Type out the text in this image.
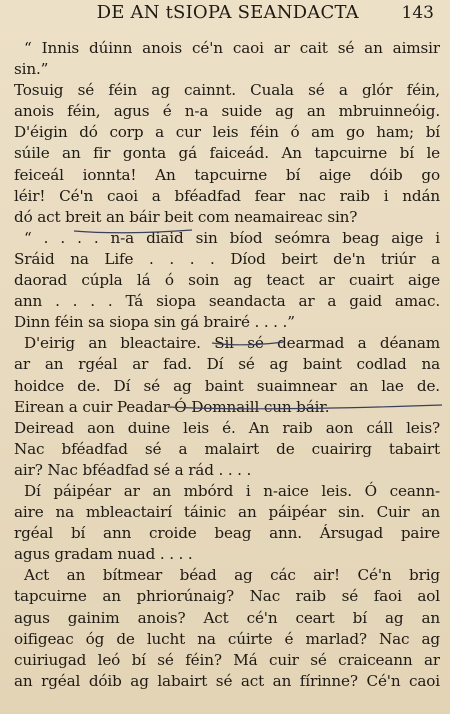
DE AN tSIOPA SEANDACTA	143
“ Innis dúinn anois cé'n caoi ar cait sé an aimsir
sin.”
Tosuig sé féin ag cainnt. Cuala sé a glór féin,
anois féin, agus é n-a suide ag an mbruinneóig.
D'éigin dó corp a cur leis féin ó am go ham; bí
súile an fir gonta gá faiceád. An tapcuirne bí le
feiceál ionnta! An tapcuirne bí aige dóib go
léir! Cé'n caoi a bféadfad fear nac raib i ndán
dó act breit an báir beit com neamaireac sin?
“ . . . . n-a diaid sin bíod seómra beag aige i
Sráid na Life . . . . Díod beirt de'n triúr a
daorad cúpla lá ó soin ag teact ar cuairt aige
ann . . . . Tá siopa seandacta ar a gaid amac.
Dinn féin sa siopa sin gá brairé . . . .”
D'eirig an bleactaire. Sil sé dearmad a déanam
ar an rgéal ar fad. Dí sé ag baint codlad na
hoidce de. Dí sé ag baint suaimnear an lae de.
Eirean a cuir Peadar Ó Domnaill cun báir.
Deiread aon duine leis é. An raib aon cáll leis?
Nac bféadfad sé a malairt de cuairirg tabairt
air? Nac bféadfad sé a rád . . . .
Dí páipéar ar an mbórd i n-aice leis. Ó ceann-
aire na mbleactairí táinic an páipéar sin. Cuir an
rgéal bí ann croide beag ann. Ársugad paire
agus gradam nuad . . . .
Act an bítmear béad ag các air! Cé'n brig
tapcuirne an phriorúnaig? Nac raib sé faoi aol
agus gainim anois? Act cé'n ceart bí ag an
oifigeac óg de lucht na cúirte é marlad? Nac ag
cuiriugad leó bí sé féin? Má cuir sé craiceann ar
an rgéal dóib ag labairt sé act an fírinne? Cé'n caoi
